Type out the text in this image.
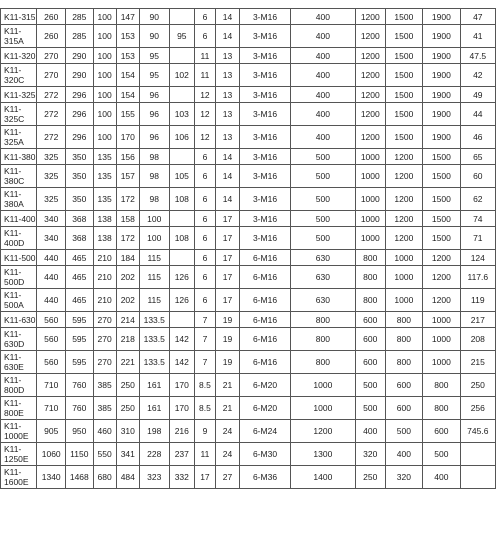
K11-315	260	285	100	147	90		6	14	3-M16	400	1200	1500	1900	47
K11-315A	260	285	100	153	90	95	6	14	3-M16	400	1200	1500	1900	41
K11-320	270	290	100	153	95		11	13	3-M16	400	1200	1500	1900	47.5
K11-320C	270	290	100	154	95	102	11	13	3-M16	400	1200	1500	1900	42
K11-325	272	296	100	154	96		12	13	3-M16	400	1200	1500	1900	49
K11-325C	272	296	100	155	96	103	12	13	3-M16	400	1200	1500	1900	44
K11-325A	272	296	100	170	96	106	12	13	3-M16	400	1200	1500	1900	46
K11-380	325	350	135	156	98		6	14	3-M16	500	1000	1200	1500	65
K11-380C	325	350	135	157	98	105	6	14	3-M16	500	1000	1200	1500	60
K11-380A	325	350	135	172	98	108	6	14	3-M16	500	1000	1200	1500	62
K11-400	340	368	138	158	100		6	17	3-M16	500	1000	1200	1500	74
K11-400D	340	368	138	172	100	108	6	17	3-M16	500	1000	1200	1500	71
K11-500	440	465	210	184	115		6	17	6-M16	630	800	1000	1200	124
K11-500D	440	465	210	202	115	126	6	17	6-M16	630	800	1000	1200	117.6
K11-500A	440	465	210	202	115	126	6	17	6-M16	630	800	1000	1200	119
K11-630	560	595	270	214	133.5		7	19	6-M16	800	600	800	1000	217
K11-630D	560	595	270	218	133.5	142	7	19	6-M16	800	600	800	1000	208
K11-630E	560	595	270	221	133.5	142	7	19	6-M16	800	600	800	1000	215
K11-800D	710	760	385	250	161	170	8.5	21	6-M20	1000	500	600	800	250
K11-800E	710	760	385	250	161	170	8.5	21	6-M20	1000	500	600	800	256
K11-1000E	905	950	460	310	198	216	9	24	6-M24	1200	400	500	600	745.6
K11-1250E	1060	1150	550	341	228	237	11	24	6-M30	1300	320	400	500	
K11-1600E	1340	1468	680	484	323	332	17	27	6-M36	1400	250	320	400	
